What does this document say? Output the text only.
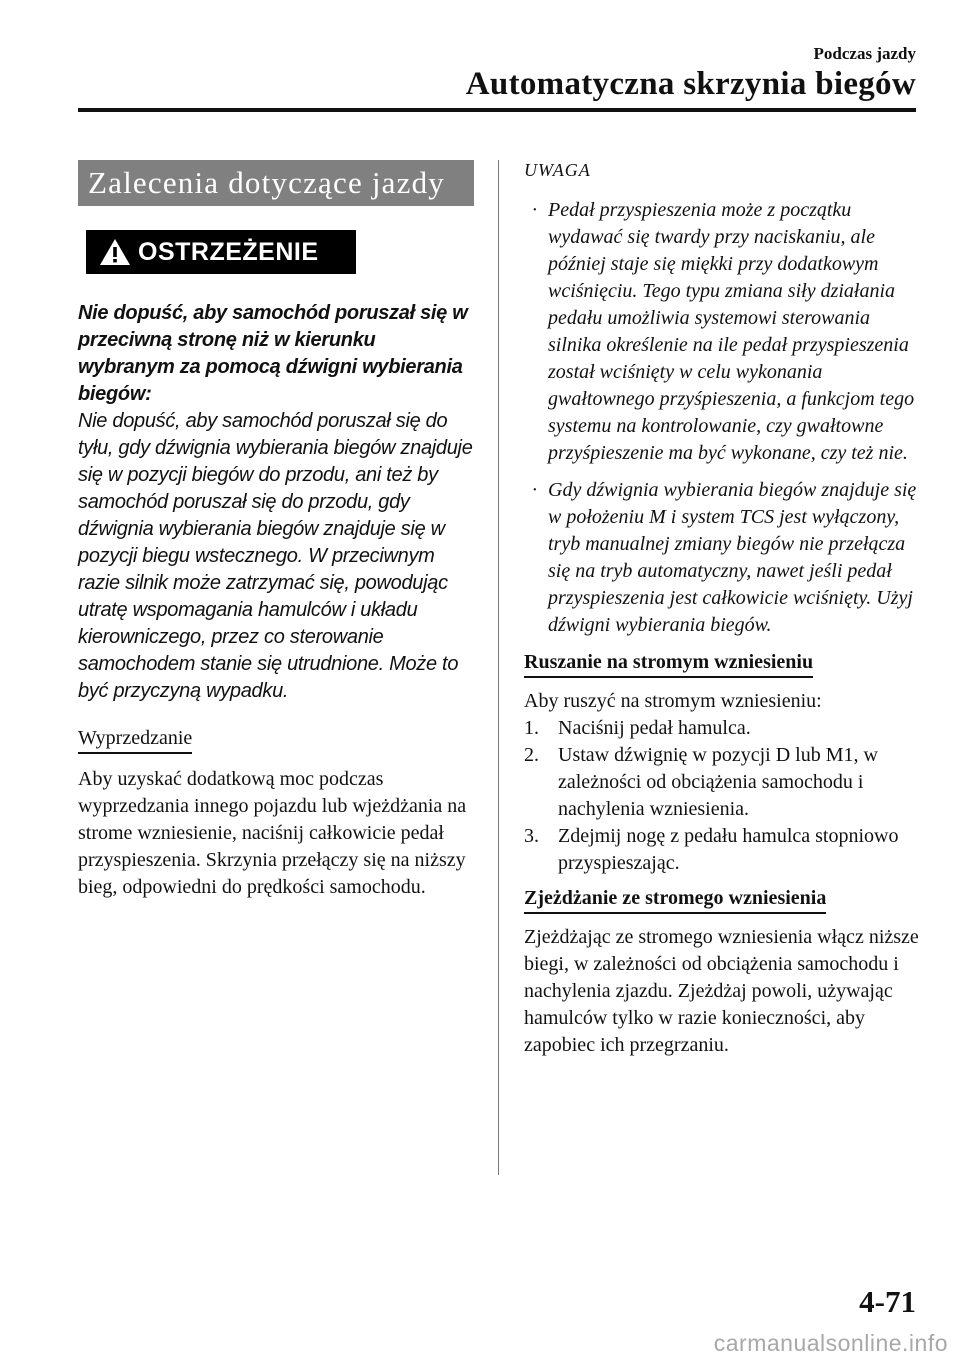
Podczas jazdy
Automatyczna skrzynia biegów
Zalecenia dotyczące jazdy
OSTRZEŻENIE
Nie dopuść, aby samochód poruszał się w przeciwną stronę niż w kierunku wybranym za pomocą dźwigni wybierania biegów:
Nie dopuść, aby samochód poruszał się do tyłu, gdy dźwignia wybierania biegów znajduje się w pozycji biegów do przodu, ani też by samochód poruszał się do przodu, gdy dźwignia wybierania biegów znajduje się w pozycji biegu wstecznego. W przeciwnym razie silnik może zatrzymać się, powodując utratę wspomagania hamulców i układu kierowniczego, przez co sterowanie samochodem stanie się utrudnione. Może to być przyczyną wypadku.
Wyprzedzanie

Aby uzyskać dodatkową moc podczas wyprzedzania innego pojazdu lub wjeżdżania na strome wzniesienie, naciśnij całkowicie pedał przyspieszenia. Skrzynia przełączy się na niższy bieg, odpowiedni do prędkości samochodu.

UWAGA
· Pedał przyspieszenia może z początku wydawać się twardy przy naciskaniu, ale później staje się miękki przy dodatkowym wciśnięciu. Tego typu zmiana siły działania pedału umożliwia systemowi sterowania silnika określenie na ile pedał przyspieszenia został wciśnięty w celu wykonania gwałtownego przyśpieszenia, a funkcjom tego systemu na kontrolowanie, czy gwałtowne przyśpieszenie ma być wykonane, czy też nie.
· Gdy dźwignia wybierania biegów znajduje się w położeniu M i system TCS jest wyłączony, tryb manualnej zmiany biegów nie przełącza się na tryb automatyczny, nawet jeśli pedał przyspieszenia jest całkowicie wciśnięty. Użyj dźwigni wybierania biegów.
Ruszanie na stromym wzniesieniu

Aby ruszyć na stromym wzniesieniu:

1. Naciśnij pedał hamulca.
2. Ustaw dźwignię w pozycji D lub M1, w zależności od obciążenia samochodu i nachylenia wzniesienia.
3. Zdejmij nogę z pedału hamulca stopniowo przyspieszając.
Zjeżdżanie ze stromego wzniesienia

Zjeżdżając ze stromego wzniesienia włącz niższe biegi, w zależności od obciążenia samochodu i nachylenia zjazdu. Zjeżdżaj powoli, używając hamulców tylko w razie konieczności, aby zapobiec ich przegrzaniu.

4-71
carmanualsonline.info
